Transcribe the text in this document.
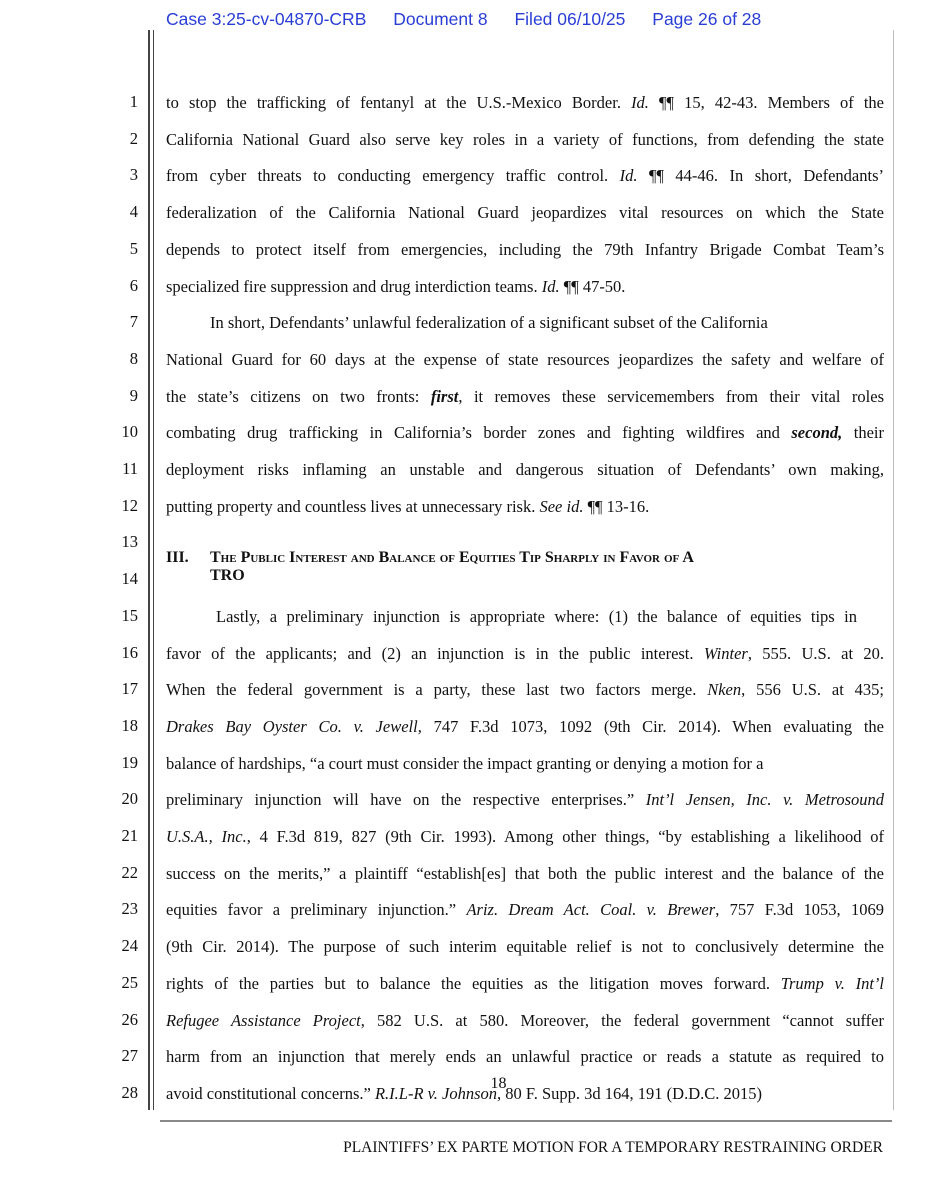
Case 3:25-cv-04870-CRB Document 8 Filed 06/10/25 Page 26 of 28
1
2
3
4
5
6
7
8
9
10
11
12
13
14
15
16
17
18
19
20
21
22
23
24
25
26
27
28
III. The Public Interest and Balance of Equities Tip Sharply in Favor of A
TRO
to stop the trafficking of fentanyl at the U.S.-Mexico Border. Id. ¶¶ 15, 42-43. Members of the
California National Guard also serve key roles in a variety of functions, from defending the state
from cyber threats to conducting emergency traffic control. Id. ¶¶ 44-46. In short, Defendants’
federalization of the California National Guard jeopardizes vital resources on which the State
depends to protect itself from emergencies, including the 79th Infantry Brigade Combat Team’s
specialized fire suppression and drug interdiction teams. Id. ¶¶ 47-50.
In short, Defendants’ unlawful federalization of a significant subset of the California
National Guard for 60 days at the expense of state resources jeopardizes the safety and welfare of
the state’s citizens on two fronts: first, it removes these servicemembers from their vital roles
combating drug trafficking in California’s border zones and fighting wildfires and second, their
deployment risks inflaming an unstable and dangerous situation of Defendants’ own making,
putting property and countless lives at unnecessary risk. See id. ¶¶ 13-16.
Lastly, a preliminary injunction is appropriate where: (1) the balance of equities tips in
favor of the applicants; and (2) an injunction is in the public interest. Winter, 555. U.S. at 20.
When the federal government is a party, these last two factors merge. Nken, 556 U.S. at 435;
Drakes Bay Oyster Co. v. Jewell, 747 F.3d 1073, 1092 (9th Cir. 2014). When evaluating the
balance of hardships, “a court must consider the impact granting or denying a motion for a
preliminary injunction will have on the respective enterprises.” Int’l Jensen, Inc. v. Metrosound
U.S.A., Inc., 4 F.3d 819, 827 (9th Cir. 1993). Among other things, “by establishing a likelihood of
success on the merits,” a plaintiff “establish[es] that both the public interest and the balance of the
equities favor a preliminary injunction.” Ariz. Dream Act. Coal. v. Brewer, 757 F.3d 1053, 1069
(9th Cir. 2014). The purpose of such interim equitable relief is not to conclusively determine the
rights of the parties but to balance the equities as the litigation moves forward. Trump v. Int’l
Refugee Assistance Project, 582 U.S. at 580. Moreover, the federal government “cannot suffer
harm from an injunction that merely ends an unlawful practice or reads a statute as required to
avoid constitutional concerns.” R.I.L-R v. Johnson, 80 F. Supp. 3d 164, 191 (D.D.C. 2015)
18
PLAINTIFFS’ EX PARTE MOTION FOR A TEMPORARY RESTRAINING ORDER
